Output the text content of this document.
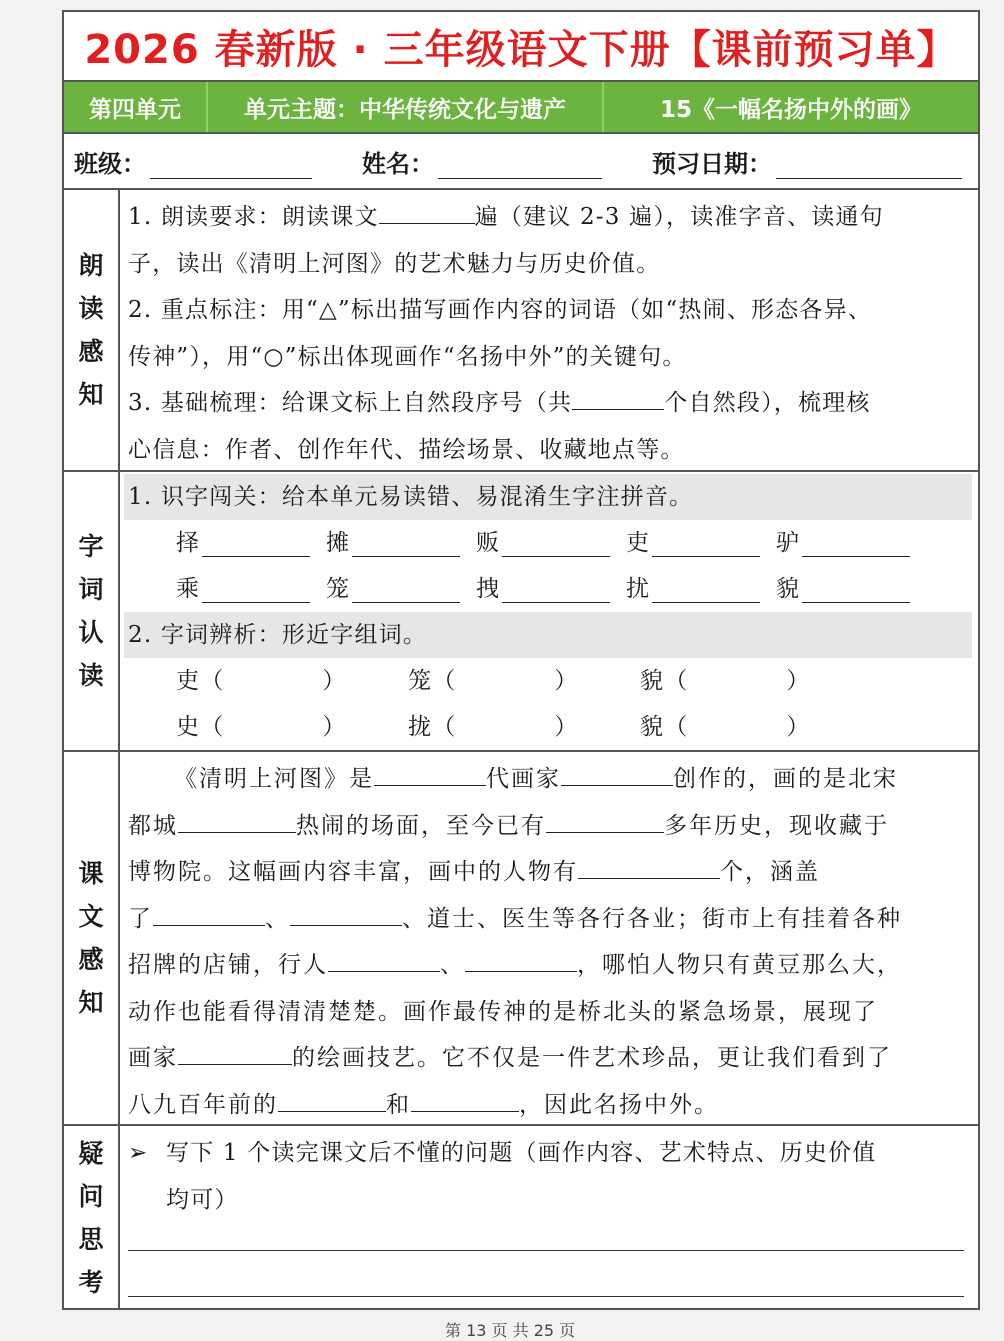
2026 春新版 · 三年级语文下册【课前预习单】
第四单元	单元主题：中华传统文化与遗产	15《一幅名扬中外的画》
班级：	姓名：	预习日期：
朗
读
感
知
1. 朗读要求：朗读课文	遍（建议 2-3 遍），读准字音、读通句
子，读出《清明上河图》的艺术魅力与历史价值。
2. 重点标注：用“△”标出描写画作内容的词语（如“热闹、形态各异、
传神”），用“○”标出体现画作“名扬中外”的关键句。
3. 基础梳理：给课文标上自然段序号（共	个自然段），梳理核
心信息：作者、创作年代、描绘场景、收藏地点等。
字
词
认
读
1. 识字闯关：给本单元易读错、易混淆生字注拼音。
择	摊	贩	吏	驴
乘	笼	拽	扰	貌
2. 字词辨析：形近字组词。
吏（	）	笼（	）	貌（	）
史（	）	拢（	）	貌（	）
课
文
感
知
《清明上河图》是	代画家	创作的，画的是北宋
都城	热闹的场面，至今已有	多年历史，现收藏于
博物院。这幅画内容丰富，画中的人物有	个，涵盖
了	、	、道士、医生等各行各业；街市上有挂着各种
招牌的店铺，行人	、	，哪怕人物只有黄豆那么大，
动作也能看得清清楚楚。画作最传神的是桥北头的紧急场景，展现了
画家	的绘画技艺。它不仅是一件艺术珍品，更让我们看到了
八九百年前的	和	，因此名扬中外。
疑
问
思
考
➢ 写下 1 个读完课文后不懂的问题（画作内容、艺术特点、历史价值
均可）
第 13 页 共 25 页
